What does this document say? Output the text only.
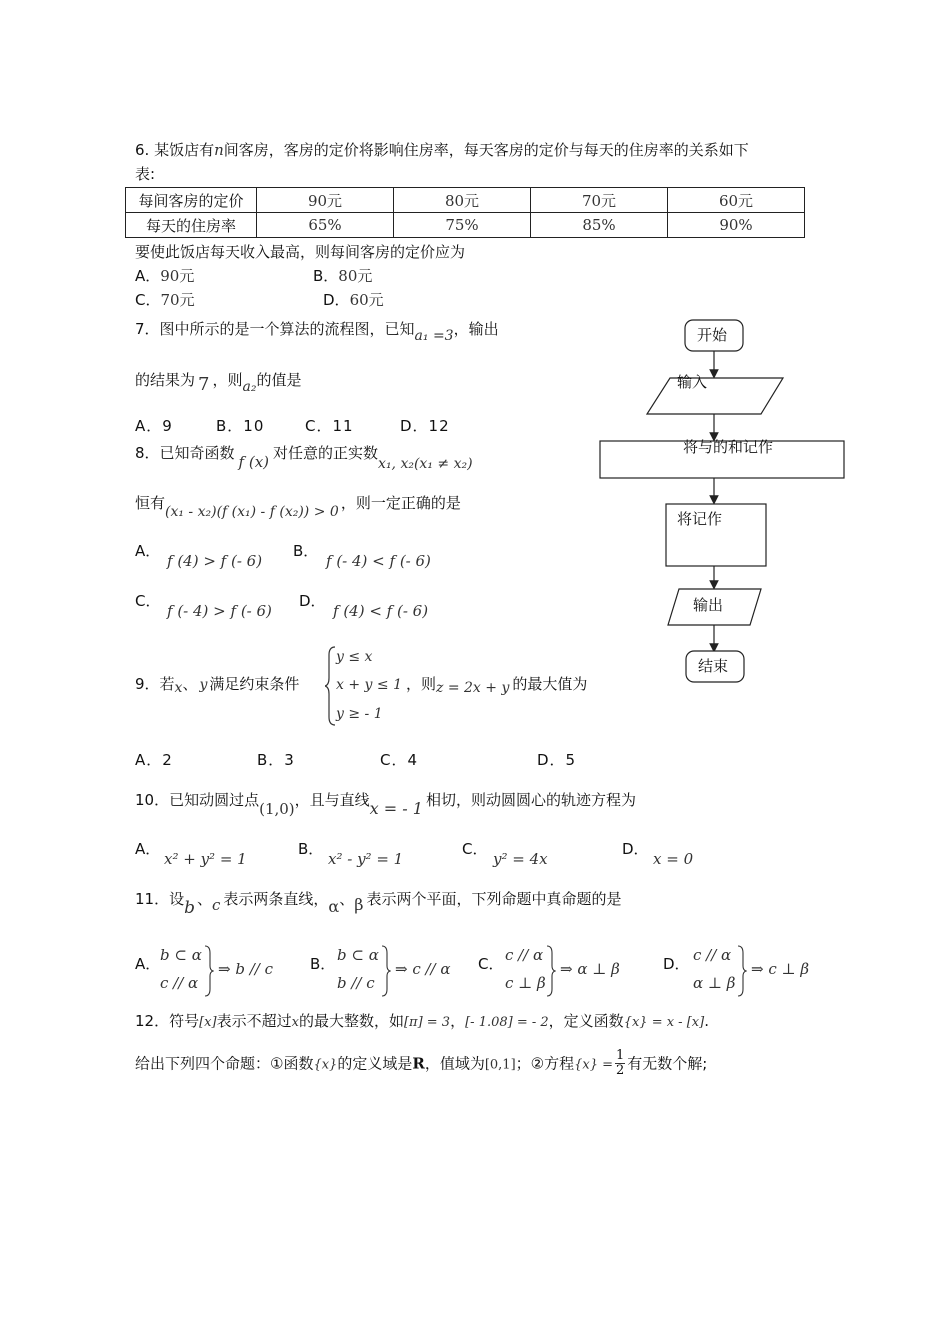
6. 某饭店有n间客房，客房的定价将影响住房率，每天客房的定价与每天的住房率的关系如下
表:
每间客房的定价	90元	80元	70元	60元
每天的住房率	65%	75%	85%	90%
要使此饭店每天收入最高，则每间客房的定价应为
A．90元	B．80元
C．70元	D．60元
7．图中所示的是一个算法的流程图，已知a₁ =3，输出
的结果为 7 ，则a₂的值是
A．9	B．10	C．11	D．12
开始
输入
将与的和记作
将记作
输出
结束
8．已知奇函数 f (x) 对任意的正实数x₁, x₂(x₁ ≠ x₂)
恒有(x₁ - x₂)(f (x₁) - f (x₂)) > 0 ，则一定正确的是
A．
f (4) > f (- 6)
B．
f (- 4) < f (- 6)
C．
f (- 4) > f (- 6)
D．
f (4) < f (- 6)
9．若x、 y 满足约束条件
y ≤ x
x + y ≤ 1
y ≥ - 1
，则z = 2x + y 的最大值为
A．2	B．3	C．4	D．5
10．已知动圆过点(1,0)，且与直线x = - 1 相切，则动圆圆心的轨迹方程为
A．
x² + y² = 1
B．
x² - y² = 1
C．
y² = 4x
D．
x = 0
11．设b 、c 表示两条直线，α、β 表示两个平面，下列命题中真命题的是
A． b ⊂ α
c // α
⇒ b // c B． b ⊂ α
b // c
⇒ c // α C． c // α
c ⊥ β
⇒ α ⊥ β	D． c // α
α ⊥ β
⇒ c ⊥ β
12．符号[x]表示不超过x的最大整数，如[π] = 3，[- 1.08] = - 2，定义函数{x} = x - [x].
给出下列四个命题：①函数{x}的定义域是R，值域为[0,1]；②方程$\{x\} = \frac{1}{2}$ 有无数个解;
